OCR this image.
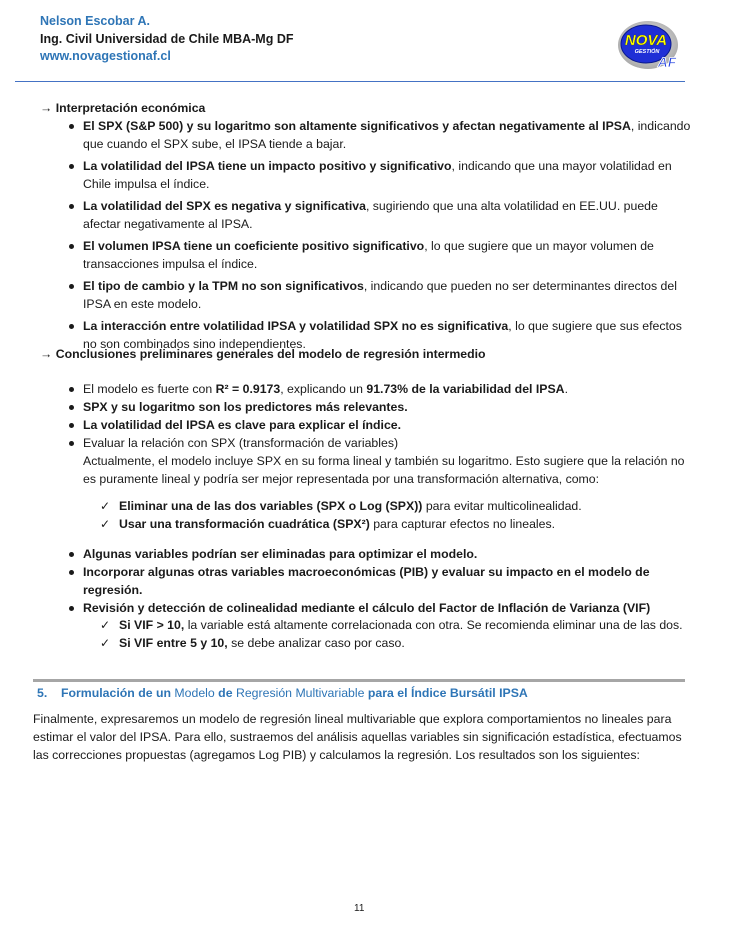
Nelson Escobar A.
Ing. Civil Universidad de Chile MBA-Mg DF
www.novagestionaf.cl
NOVA
GESTIÓN
AF
→ Interpretación económica
El SPX (S&P 500) y su logaritmo son altamente significativos y afectan negativamente al IPSA, indicando que cuando el SPX sube, el IPSA tiende a bajar.
La volatilidad del IPSA tiene un impacto positivo y significativo, indicando que una mayor volatilidad en Chile impulsa el índice.
La volatilidad del SPX es negativa y significativa, sugiriendo que una alta volatilidad en EE.UU. puede afectar negativamente al IPSA.
El volumen IPSA tiene un coeficiente positivo significativo, lo que sugiere que un mayor volumen de transacciones impulsa el índice.
El tipo de cambio y la TPM no son significativos, indicando que pueden no ser determinantes directos del IPSA en este modelo.
La interacción entre volatilidad IPSA y volatilidad SPX no es significativa, lo que sugiere que sus efectos no son combinados sino independientes.
→ Conclusiones preliminares generales del modelo de regresión intermedio
El modelo es fuerte con R² = 0.9173, explicando un 91.73% de la variabilidad del IPSA.
SPX y su logaritmo son los predictores más relevantes.
La volatilidad del IPSA es clave para explicar el índice.
Evaluar la relación con SPX (transformación de variables)
Actualmente, el modelo incluye SPX en su forma lineal y también su logaritmo. Esto sugiere que la relación no es puramente lineal y podría ser mejor representada por una transformación alternativa, como:
✓ Eliminar una de las dos variables (SPX o Log (SPX)) para evitar multicolinealidad.
✓ Usar una transformación cuadrática (SPX²) para capturar efectos no lineales.
Algunas variables podrían ser eliminadas para optimizar el modelo.
Incorporar algunas otras variables macroeconómicas (PIB) y evaluar su impacto en el modelo de regresión.
Revisión y detección de colinealidad mediante el cálculo del Factor de Inflación de Varianza (VIF)
✓ Si VIF > 10, la variable está altamente correlacionada con otra. Se recomienda eliminar una de las dos.
✓ Si VIF entre 5 y 10, se debe analizar caso por caso.
5. Formulación de un Modelo de Regresión Multivariable para el Índice Bursátil IPSA
Finalmente, expresaremos un modelo de regresión lineal multivariable que explora comportamientos no lineales para estimar el valor del IPSA. Para ello, sustraemos del análisis aquellas variables sin significación estadística, efectuamos las correcciones propuestas (agregamos Log PIB) y calculamos la regresión. Los resultados son los siguientes:
11
